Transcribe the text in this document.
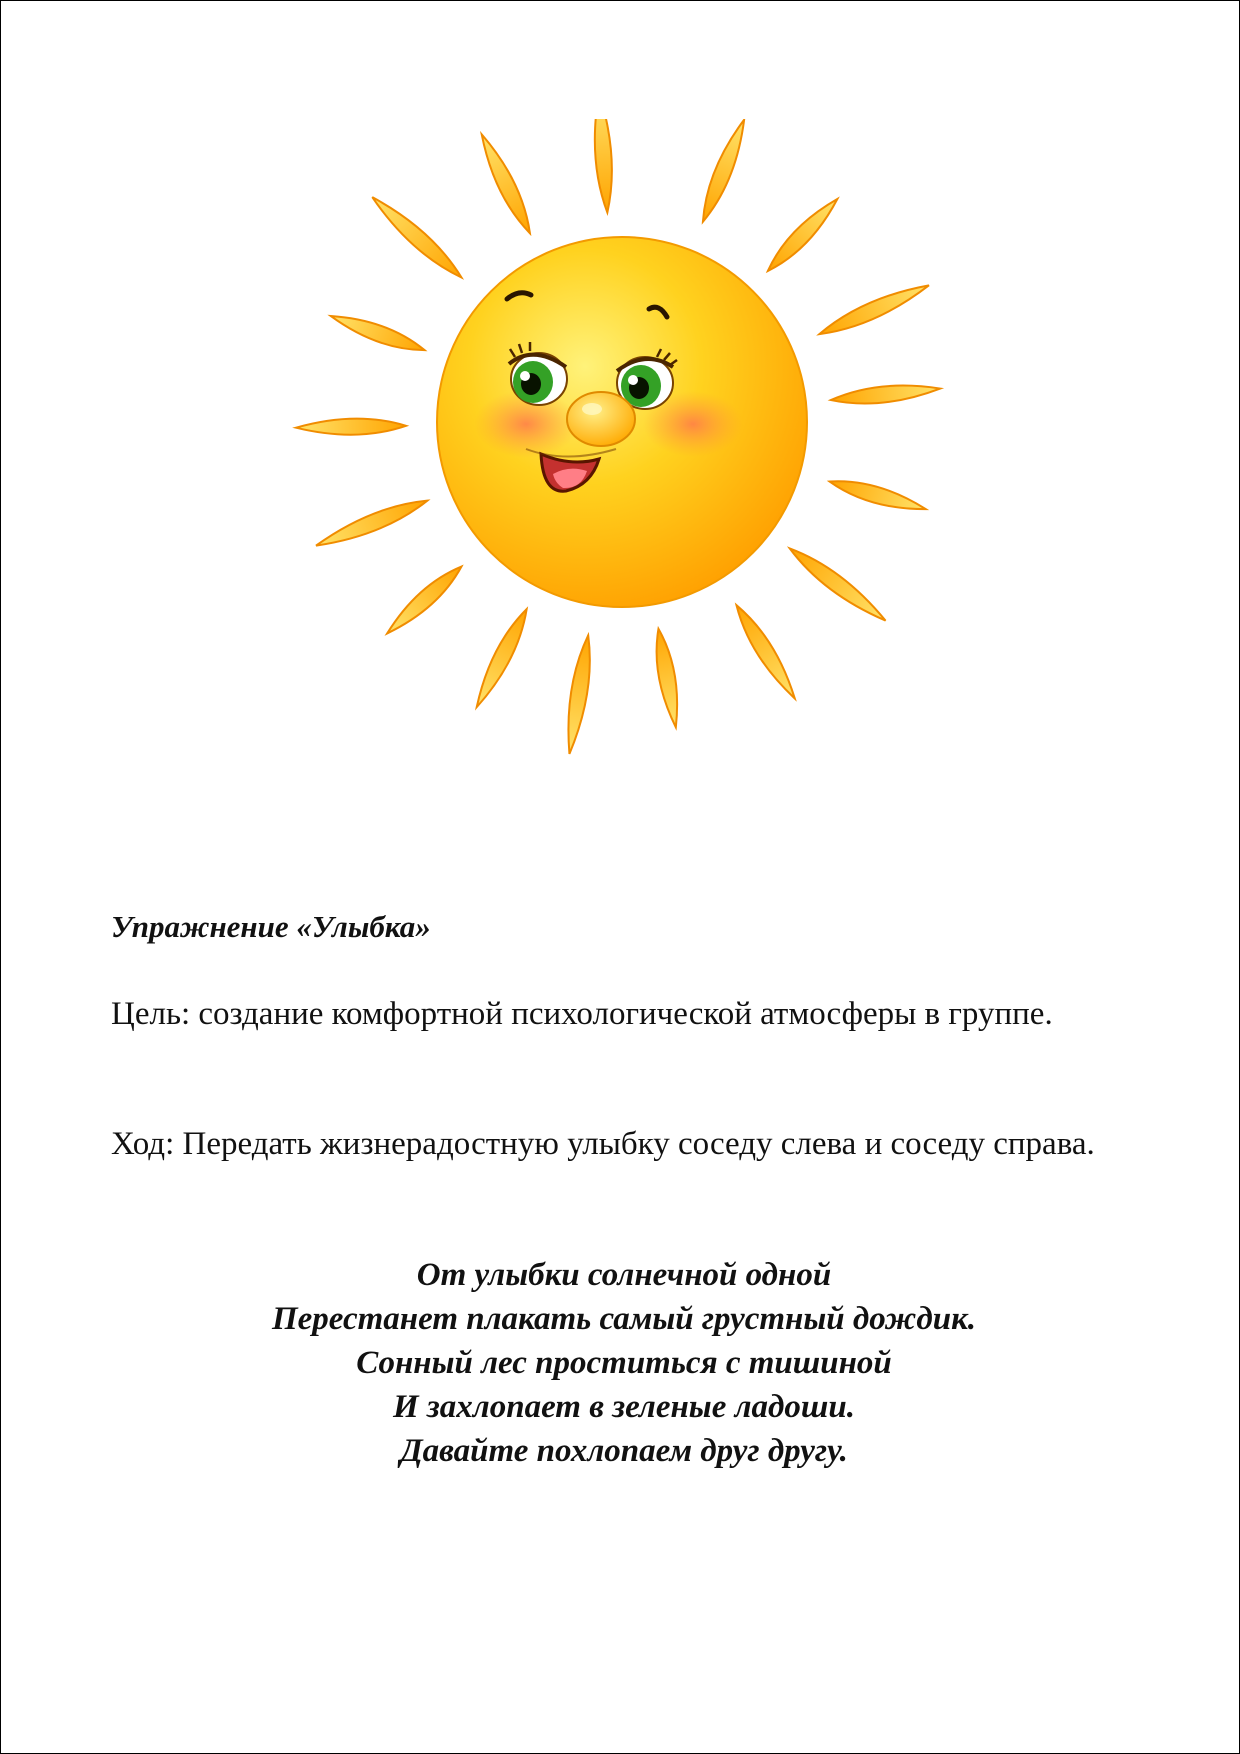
Упражнение «Улыбка»

Цель: создание комфортной психологической атмосферы в группе.

Ход: Передать жизнерадостную улыбку соседу слева и соседу справа.

От улыбки солнечной одной
Перестанет плакать самый грустный дождик.
Сонный лес проститься с тишиной
И захлопает в зеленые ладоши.
Давайте похлопаем друг другу.
